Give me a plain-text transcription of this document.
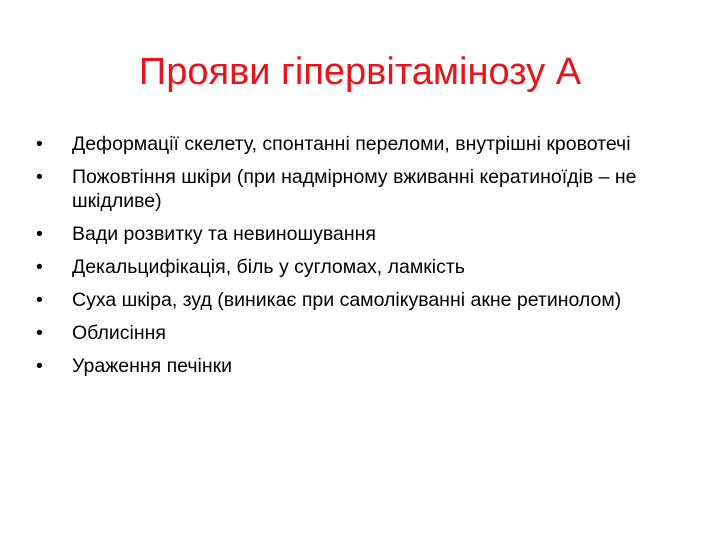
Прояви гіпервітамінозу А
•	Деформації скелету, спонтанні переломи, внутрішні кровотечі
•	Пожовтіння шкіри (при надмірному вживанні кератиноїдів – не шкідливе)
•	Вади розвитку та невиношування
•	Декальцифікація, біль у сугломах, ламкість
•	Суха шкіра, зуд (виникає при самолікуванні акне ретинолом)
•	Облисіння
•	Ураження печінки
